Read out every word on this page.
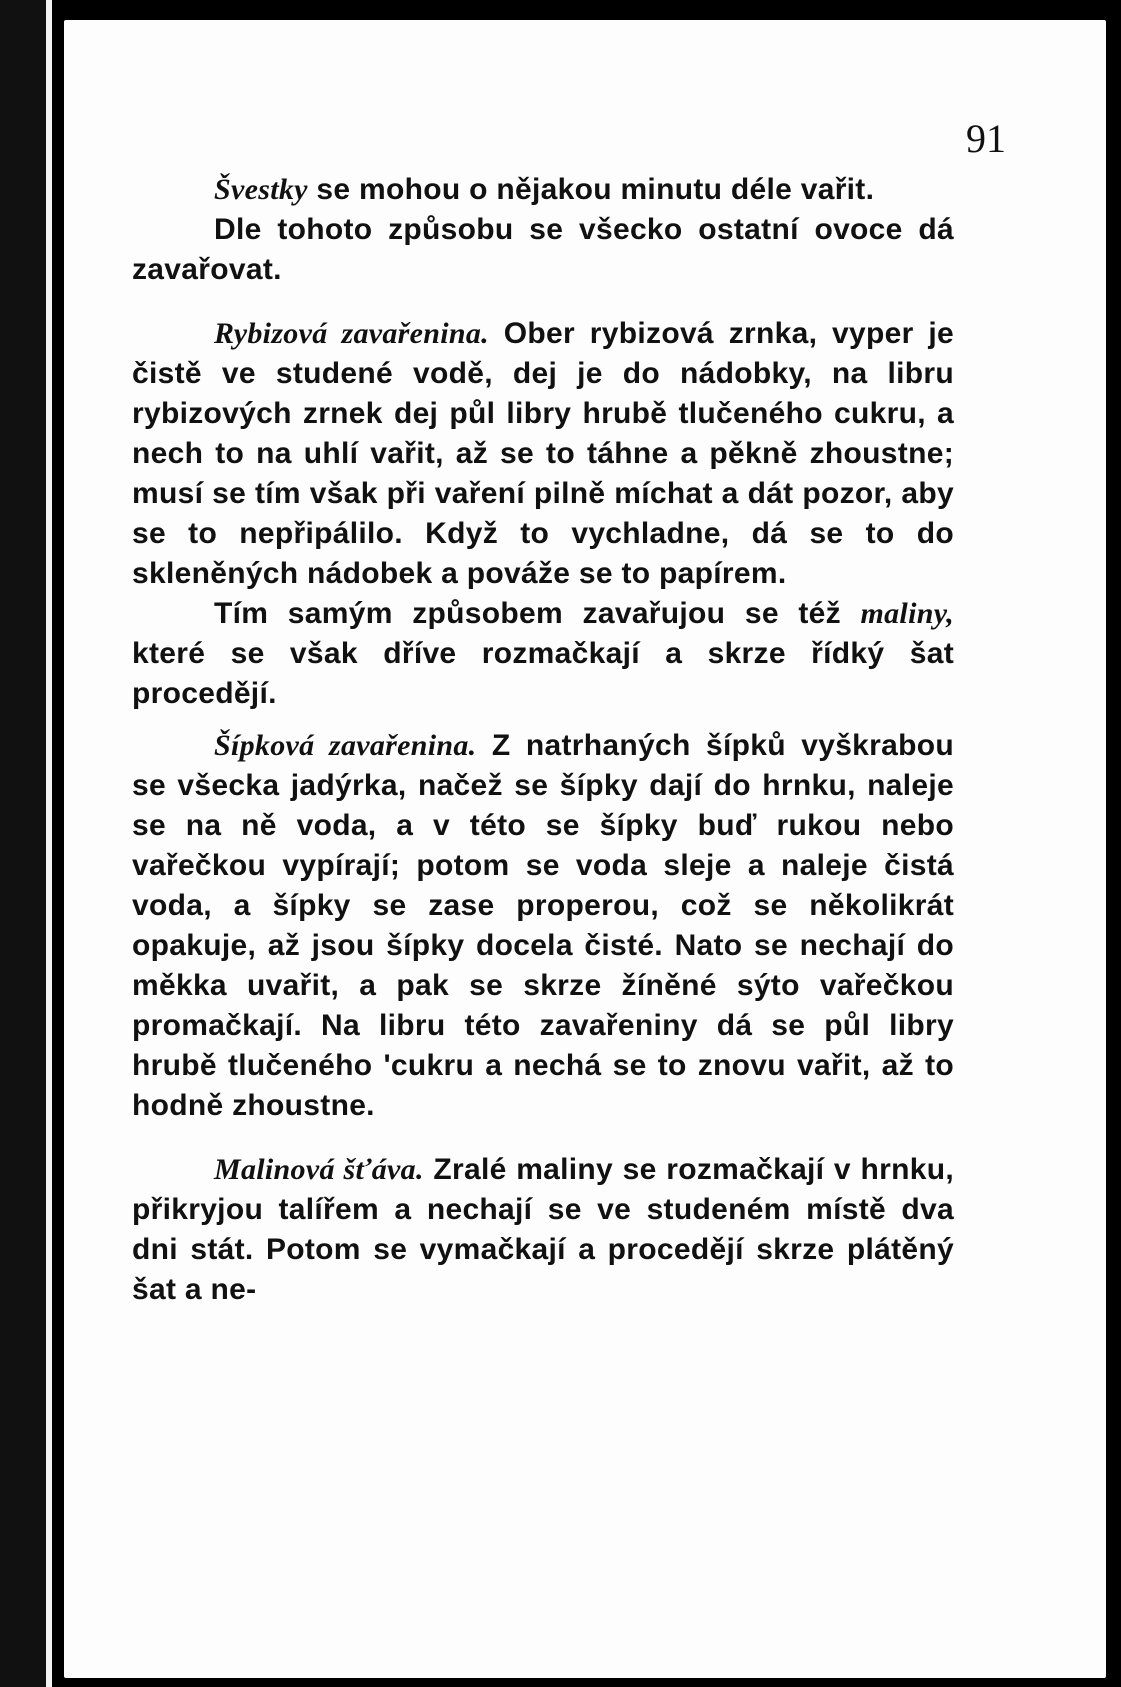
91

Švestky se mohou o nějakou minutu déle vařit.

Dle tohoto způsobu se všecko ostatní ovoce dá zavařovat.

Rybizová zavařenina. Ober rybizová zrnka, vyper je čistě ve studené vodě, dej je do nádobky, na libru rybizových zrnek dej půl libry hrubě tlučeného cukru, a nech to na uhlí vařit, až se to táhne a pěkně zhoustne; musí se tím však při vaření pilně míchat a dát pozor, aby se to nepřipálilo. Když to vychladne, dá se to do skleněných nádobek a pováže se to papírem.

Tím samým způsobem zavařujou se též maliny, které se však dříve rozmačkají a skrze řídký šat procedějí.

Šípková zavařenina. Z natrhaných šípků vyškrabou se všecka jadýrka, načež se šípky dají do hrnku, naleje se na ně voda, a v této se šípky buď rukou nebo vařečkou vypírají; potom se voda sleje a naleje čistá voda, a šípky se zase properou, což se několikrát opakuje, až jsou šípky docela čisté. Nato se nechají do měkka uvařit, a pak se skrze žíněné sýto vařečkou promačkají. Na libru této zavařeniny dá se půl libry hrubě tlučeného 'cukru a nechá se to znovu vařit, až to hodně zhoustne.

Malinová šťáva. Zralé maliny se rozmačkají v hrnku, přikryjou talířem a nechají se ve studeném místě dva dni stát. Potom se vymačkají a procedějí skrze plátěný šat a ne-
